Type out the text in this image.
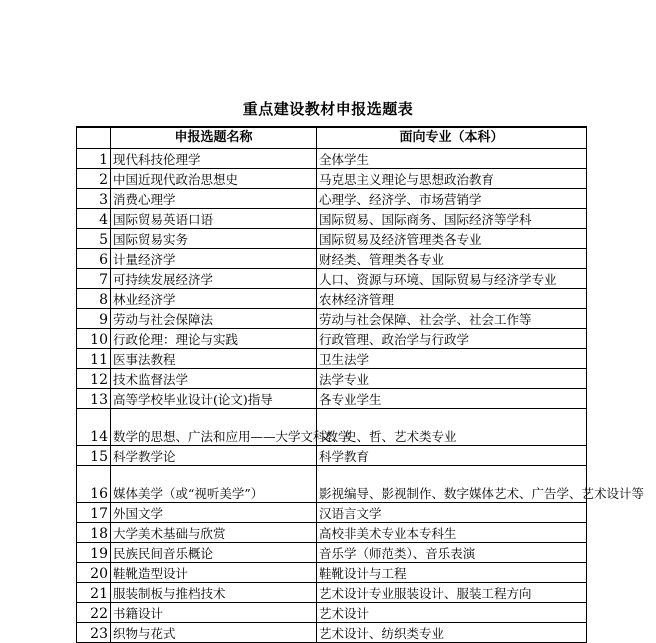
重点建设教材申报选题表
	申报选题名称	面向专业（本科）
1	现代科技伦理学	全体学生
2	中国近现代政治思想史	马克思主义理论与思想政治教育
3	消费心理学	心理学、经济学、市场营销学
4	国际贸易英语口语	国际贸易、国际商务、国际经济等学科
5	国际贸易实务	国际贸易及经济管理类各专业
6	计量经济学	财经类、管理类各专业
7	可持续发展经济学	人口、资源与环境、国际贸易与经济学专业
8	林业经济学	农林经济管理
9	劳动与社会保障法	劳动与社会保障、社会学、社会工作等
10	行政伦理：理论与实践	行政管理、政治学与行政学
11	医事法教程	卫生法学
12	技术监督法学	法学专业
13	高等学校毕业设计(论文)指导	各专业学生
14	数学的思想、广法和应用——大学文科教学	文、史、哲、艺术类专业
15	科学教学论	科学教育
16	媒体美学（或“视听美学”）	影视编导、影视制作、数字媒体艺术、广告学、艺术设计等
17	外国文学	汉语言文学
18	大学美术基础与欣赏	高校非美术专业本专科生
19	民族民间音乐概论	音乐学（师范类）、音乐表演
20	鞋靴造型设计	鞋靴设计与工程
21	服装制板与推档技术	艺术设计专业服装设计、服装工程方向
22	书籍设计	艺术设计
23	织物与花式	艺术设计、纺织类专业
